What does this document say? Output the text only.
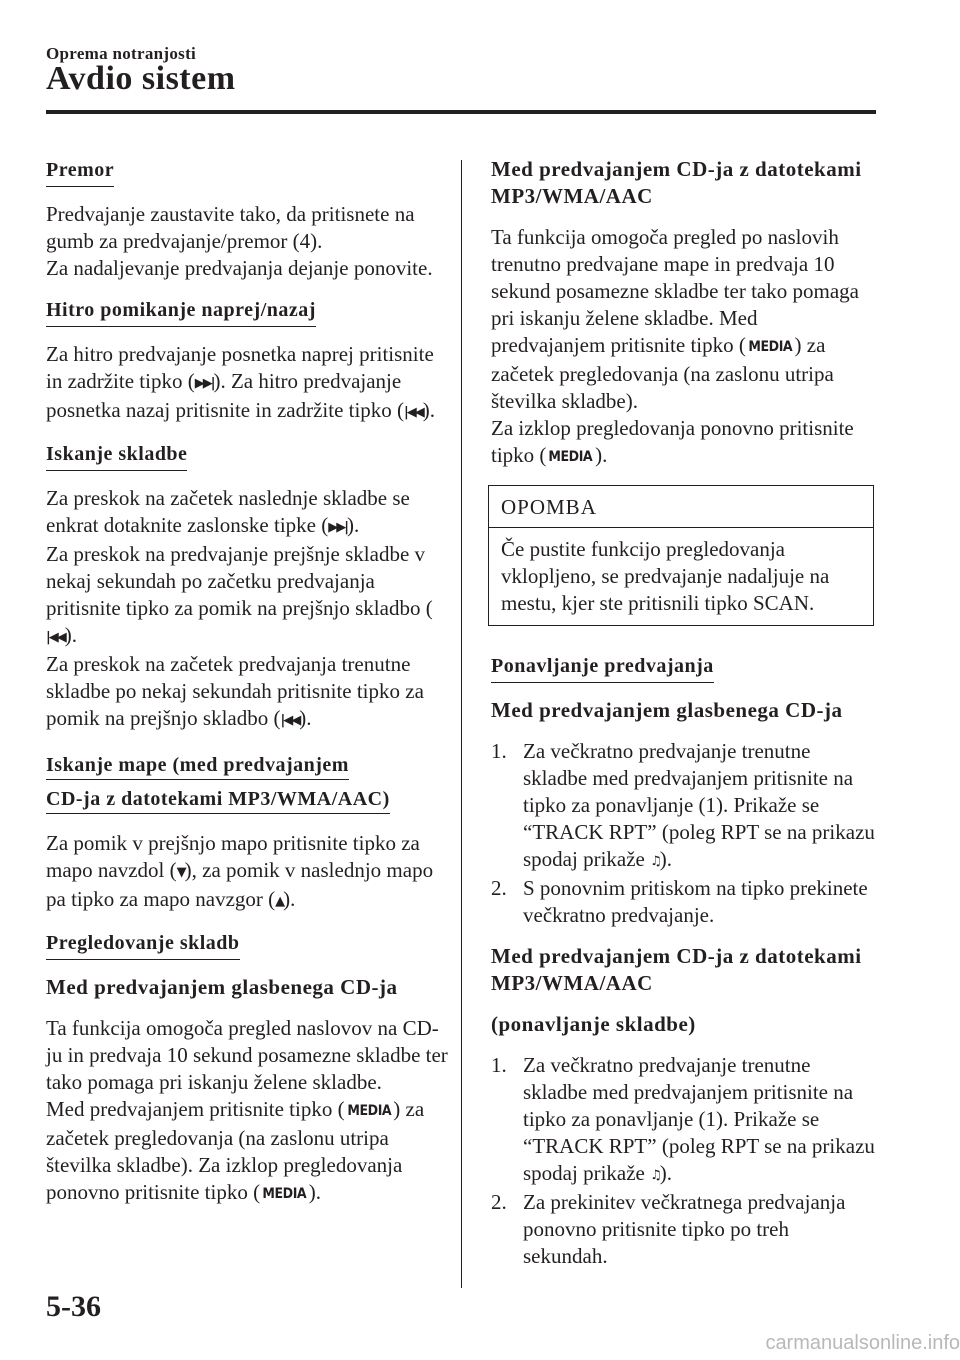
Oprema notranjosti
Avdio sistem
Premor

Predvajanje zaustavite tako, da pritisnete na gumb za predvajanje/premor (4).
Za nadaljevanje predvajanja dejanje ponovite.

Hitro pomikanje naprej/nazaj

Za hitro predvajanje posnetka naprej pritisnite in zadržite tipko (▶▶|). Za hitro predvajanje posnetka nazaj pritisnite in zadržite tipko (|◀◀).

Iskanje skladbe

Za preskok na začetek naslednje skladbe se enkrat dotaknite zaslonske tipke (▶▶|).
Za preskok na predvajanje prejšnje skladbe v nekaj sekundah po začetku predvajanja pritisnite tipko za pomik na prejšnjo skladbo (|◀◀).
Za preskok na začetek predvajanja trenutne skladbe po nekaj sekundah pritisnite tipko za pomik na prejšnjo skladbo (|◀◀).

Iskanje mape (med predvajanjem
CD-ja z datotekami MP3/WMA/AAC)

Za pomik v prejšnjo mapo pritisnite tipko za mapo navzdol (▼), za pomik v naslednjo mapo pa tipko za mapo navzgor (▲).

Pregledovanje skladb
Med predvajanjem glasbenega CD-ja

Ta funkcija omogoča pregled naslovov na CD-ju in predvaja 10 sekund posamezne skladbe ter tako pomaga pri iskanju želene skladbe.
Med predvajanjem pritisnite tipko ( MEDIA ) za začetek pregledovanja (na zaslonu utripa številka skladbe). Za izklop pregledovanja ponovno pritisnite tipko ( MEDIA ).

Med predvajanjem CD-ja z datotekami MP3/WMA/AAC

Ta funkcija omogoča pregled po naslovih trenutno predvajane mape in predvaja 10 sekund posamezne skladbe ter tako pomaga pri iskanju želene skladbe. Med predvajanjem pritisnite tipko ( MEDIA ) za začetek pregledovanja (na zaslonu utripa številka skladbe).
Za izklop pregledovanja ponovno pritisnite tipko ( MEDIA ).

OPOMBA
Če pustite funkcijo pregledovanja vklopljeno, se predvajanje nadaljuje na mestu, kjer ste pritisnili tipko SCAN.
Ponavljanje predvajanja
Med predvajanjem glasbenega CD-ja
1. Za večkratno predvajanje trenutne skladbe med predvajanjem pritisnite na tipko za ponavljanje (1). Prikaže se “TRACK RPT” (poleg RPT se na prikazu spodaj prikaže ♫).
2. S ponovnim pritiskom na tipko prekinete večkratno predvajanje.
Med predvajanjem CD-ja z datotekami MP3/WMA/AAC
(ponavljanje skladbe)
1. Za večkratno predvajanje trenutne skladbe med predvajanjem pritisnite na tipko za ponavljanje (1). Prikaže se “TRACK RPT” (poleg RPT se na prikazu spodaj prikaže ♫).
2. Za prekinitev večkratnega predvajanja ponovno pritisnite tipko po treh sekundah.
5-36
carmanualsonline.info
